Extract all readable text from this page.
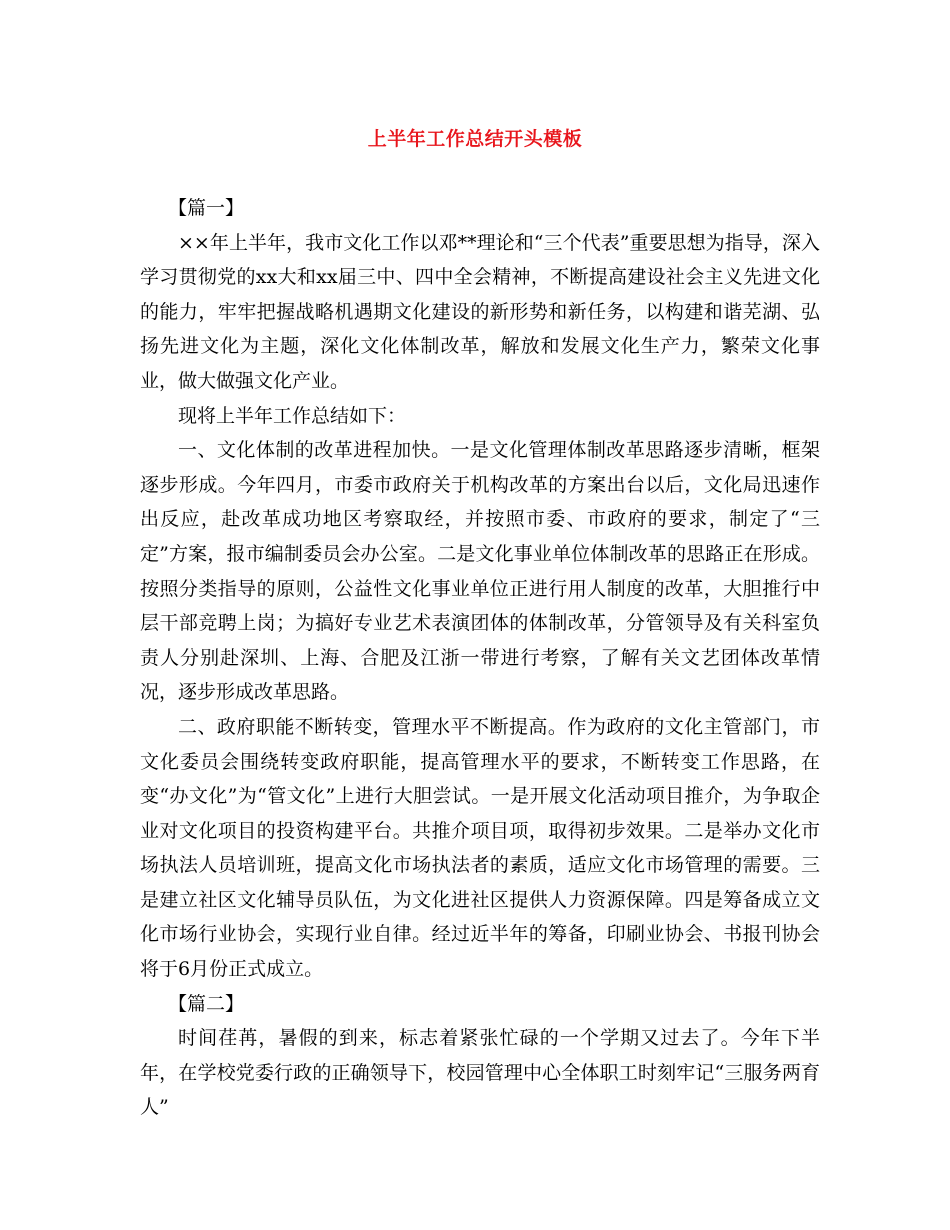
上半年工作总结开头模板

【篇一】

××年上半年，我市文化工作以邓**理论和“三个代表”重要思想为指导，深入学习贯彻党的xx大和xx届三中、四中全会精神，不断提高建设社会主义先进文化的能力，牢牢把握战略机遇期文化建设的新形势和新任务，以构建和谐芜湖、弘扬先进文化为主题，深化文化体制改革，解放和发展文化生产力，繁荣文化事业，做大做强文化产业。

现将上半年工作总结如下：

一、文化体制的改革进程加快。一是文化管理体制改革思路逐步清晰，框架逐步形成。今年四月，市委市政府关于机构改革的方案出台以后，文化局迅速作出反应，赴改革成功地区考察取经，并按照市委、市政府的要求，制定了“三定”方案，报市编制委员会办公室。二是文化事业单位体制改革的思路正在形成。按照分类指导的原则，公益性文化事业单位正进行用人制度的改革，大胆推行中层干部竞聘上岗；为搞好专业艺术表演团体的体制改革，分管领导及有关科室负责人分别赴深圳、上海、合肥及江浙一带进行考察，了解有关文艺团体改革情况，逐步形成改革思路。

二、政府职能不断转变，管理水平不断提高。作为政府的文化主管部门，市文化委员会围绕转变政府职能，提高管理水平的要求，不断转变工作思路，在变“办文化”为“管文化”上进行大胆尝试。一是开展文化活动项目推介，为争取企业对文化项目的投资构建平台。共推介项目项，取得初步效果。二是举办文化市场执法人员培训班，提高文化市场执法者的素质，适应文化市场管理的需要。三是建立社区文化辅导员队伍，为文化进社区提供人力资源保障。四是筹备成立文化市场行业协会，实现行业自律。经过近半年的筹备，印刷业协会、书报刊协会将于6月份正式成立。

【篇二】

时间荏苒，暑假的到来，标志着紧张忙碌的一个学期又过去了。今年下半年，在学校党委行政的正确领导下，校园管理中心全体职工时刻牢记“三服务两育人”
